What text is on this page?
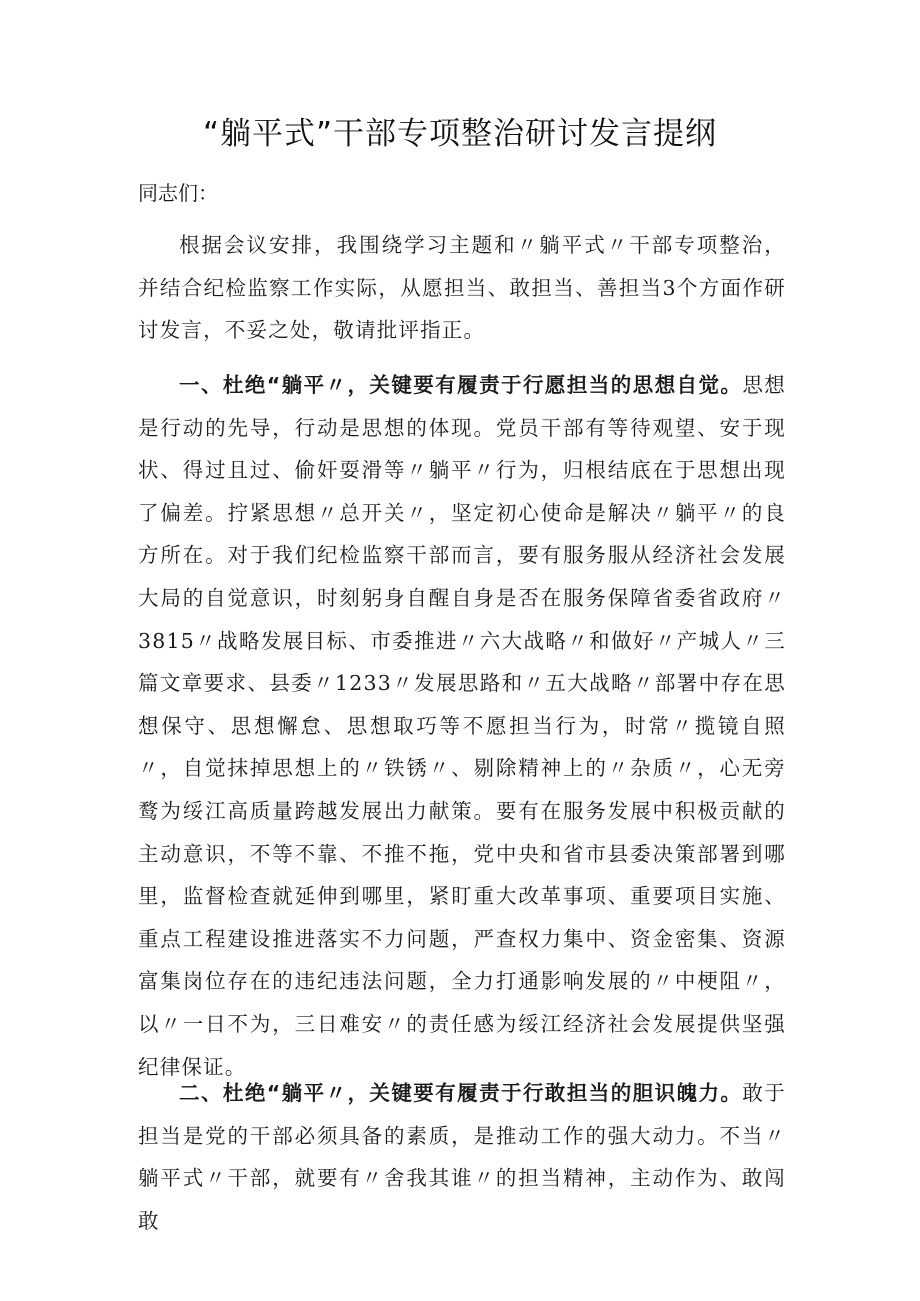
“躺平式”干部专项整治研讨发言提纲

同志们：

根据会议安排，我围绕学习主题和〃躺平式〃干部专项整治，并结合纪检监察工作实际，从愿担当、敢担当、善担当3个方面作研讨发言，不妥之处，敬请批评指正。

一、杜绝“躺平〃，关键要有履责于行愿担当的思想自觉。思想是行动的先导，行动是思想的体现。党员干部有等待观望、安于现状、得过且过、偷奸耍滑等〃躺平〃行为，归根结底在于思想出现了偏差。拧紧思想〃总开关〃，坚定初心使命是解决〃躺平〃的良方所在。对于我们纪检监察干部而言，要有服务服从经济社会发展大局的自觉意识，时刻躬身自醒自身是否在服务保障省委省政府〃3815〃战略发展目标、市委推进〃六大战略〃和做好〃产城人〃三篇文章要求、县委〃1233〃发展思路和〃五大战略〃部署中存在思想保守、思想懈怠、思想取巧等不愿担当行为，时常〃揽镜自照〃，自觉抹掉思想上的〃铁锈〃、剔除精神上的〃杂质〃，心无旁鹜为绥江高质量跨越发展出力献策。要有在服务发展中积极贡献的主动意识，不等不靠、不推不拖，党中央和省市县委决策部署到哪里，监督检查就延伸到哪里，紧盯重大改革事项、重要项目实施、重点工程建设推进落实不力问题，严查权力集中、资金密集、资源富集岗位存在的违纪违法问题，全力打通影响发展的〃中梗阻〃，以〃一日不为，三日难安〃的责任感为绥江经济社会发展提供坚强纪律保证。

二、杜绝“躺平〃，关键要有履责于行敢担当的胆识魄力。敢于担当是党的干部必须具备的素质，是推动工作的强大动力。不当〃躺平式〃干部，就要有〃舍我其谁〃的担当精神，主动作为、敢闯敢
